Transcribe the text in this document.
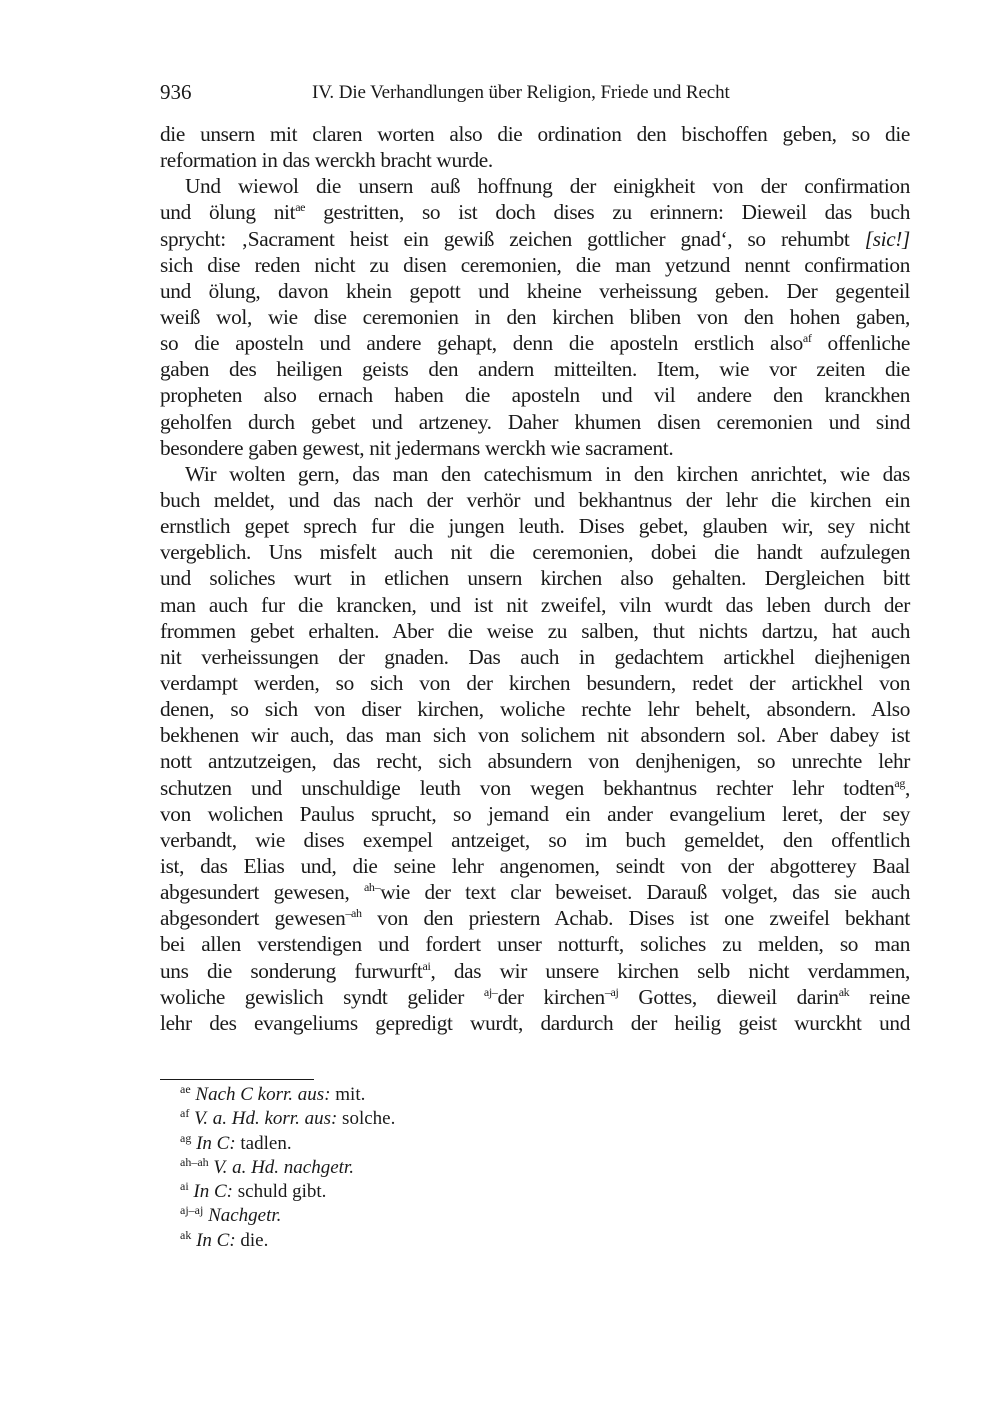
936	IV. Die Verhandlungen über Religion, Friede und Recht
die unsern mit claren worten also die ordination den bischoffen geben, so die
reformation in das werckh bracht wurde.
Und wiewol die unsern auß hoffnung der einigkheit von der confirmation
und ölung nit$^{ae}$ gestritten, so ist doch dises zu erinnern: Dieweil das buch
sprycht: ‚Sacrament heist ein gewiß zeichen gottlicher gnad‘, so rehumbt [sic!]
sich dise reden nicht zu disen ceremonien, die man yetzund nennt confirmation
und ölung, davon khein gepott und kheine verheissung geben. Der gegenteil
weiß wol, wie dise ceremonien in den kirchen bliben von den hohen gaben,
so die aposteln und andere gehapt, denn die aposteln erstlich also$^{af}$ offenliche
gaben des heiligen geists den andern mitteilten. Item, wie vor zeiten die
propheten also ernach haben die aposteln und vil andere den kranckhen
geholfen durch gebet und artzeney. Daher khumen disen ceremonien und sind
besondere gaben gewest, nit jedermans werckh wie sacrament.
Wir wolten gern, das man den catechismum in den kirchen anrichtet, wie das
buch meldet, und das nach der verhör und bekhantnus der lehr die kirchen ein
ernstlich gepet sprech fur die jungen leuth. Dises gebet, glauben wir, sey nicht
vergeblich. Uns misfelt auch nit die ceremonien, dobei die handt aufzulegen
und soliches wurt in etlichen unsern kirchen also gehalten. Dergleichen bitt
man auch fur die krancken, und ist nit zweifel, viln wurdt das leben durch der
frommen gebet erhalten. Aber die weise zu salben, thut nichts dartzu, hat auch
nit verheissungen der gnaden. Das auch in gedachtem artickhel diejhenigen
verdampt werden, so sich von der kirchen besundern, redet der artickhel von
denen, so sich von diser kirchen, woliche rechte lehr behelt, absondern. Also
bekhenen wir auch, das man sich von solichem nit absondern sol. Aber dabey ist
nott antzutzeigen, das recht, sich absundern von denjhenigen, so unrechte lehr
schutzen und unschuldige leuth von wegen bekhantnus rechter lehr todten$^{ag}$,
von wolichen Paulus sprucht, so jemand ein ander evangelium leret, der sey
verbandt, wie dises exempel antzeiget, so im buch gemeldet, den offentlich
ist, das Elias und, die seine lehr angenomen, seindt von der abgotterey Baal
abgesundert gewesen, $^{ah-}$wie der text clar beweiset. Darauß volget, das sie auch
abgesondert gewesen$^{-ah}$ von den priestern Achab. Dises ist one zweifel bekhant
bei allen verstendigen und fordert unser notturft, soliches zu melden, so man
uns die sonderung furwurft$^{ai}$, das wir unsere kirchen selb nicht verdammen,
woliche gewislich syndt gelider $^{aj-}$der kirchen$^{-aj}$ Gottes, dieweil darin$^{ak}$ reine
lehr des evangeliums gepredigt wurdt, dardurch der heilig geist wurckht und
$^{ae}$ Nach C korr. aus: mit.
$^{af}$ V. a. Hd. korr. aus: solche.
$^{ag}$ In C: tadlen.
$^{ah-ah}$ V. a. Hd. nachgetr.
$^{ai}$ In C: schuld gibt.
$^{aj-aj}$ Nachgetr.
$^{ak}$ In C: die.
